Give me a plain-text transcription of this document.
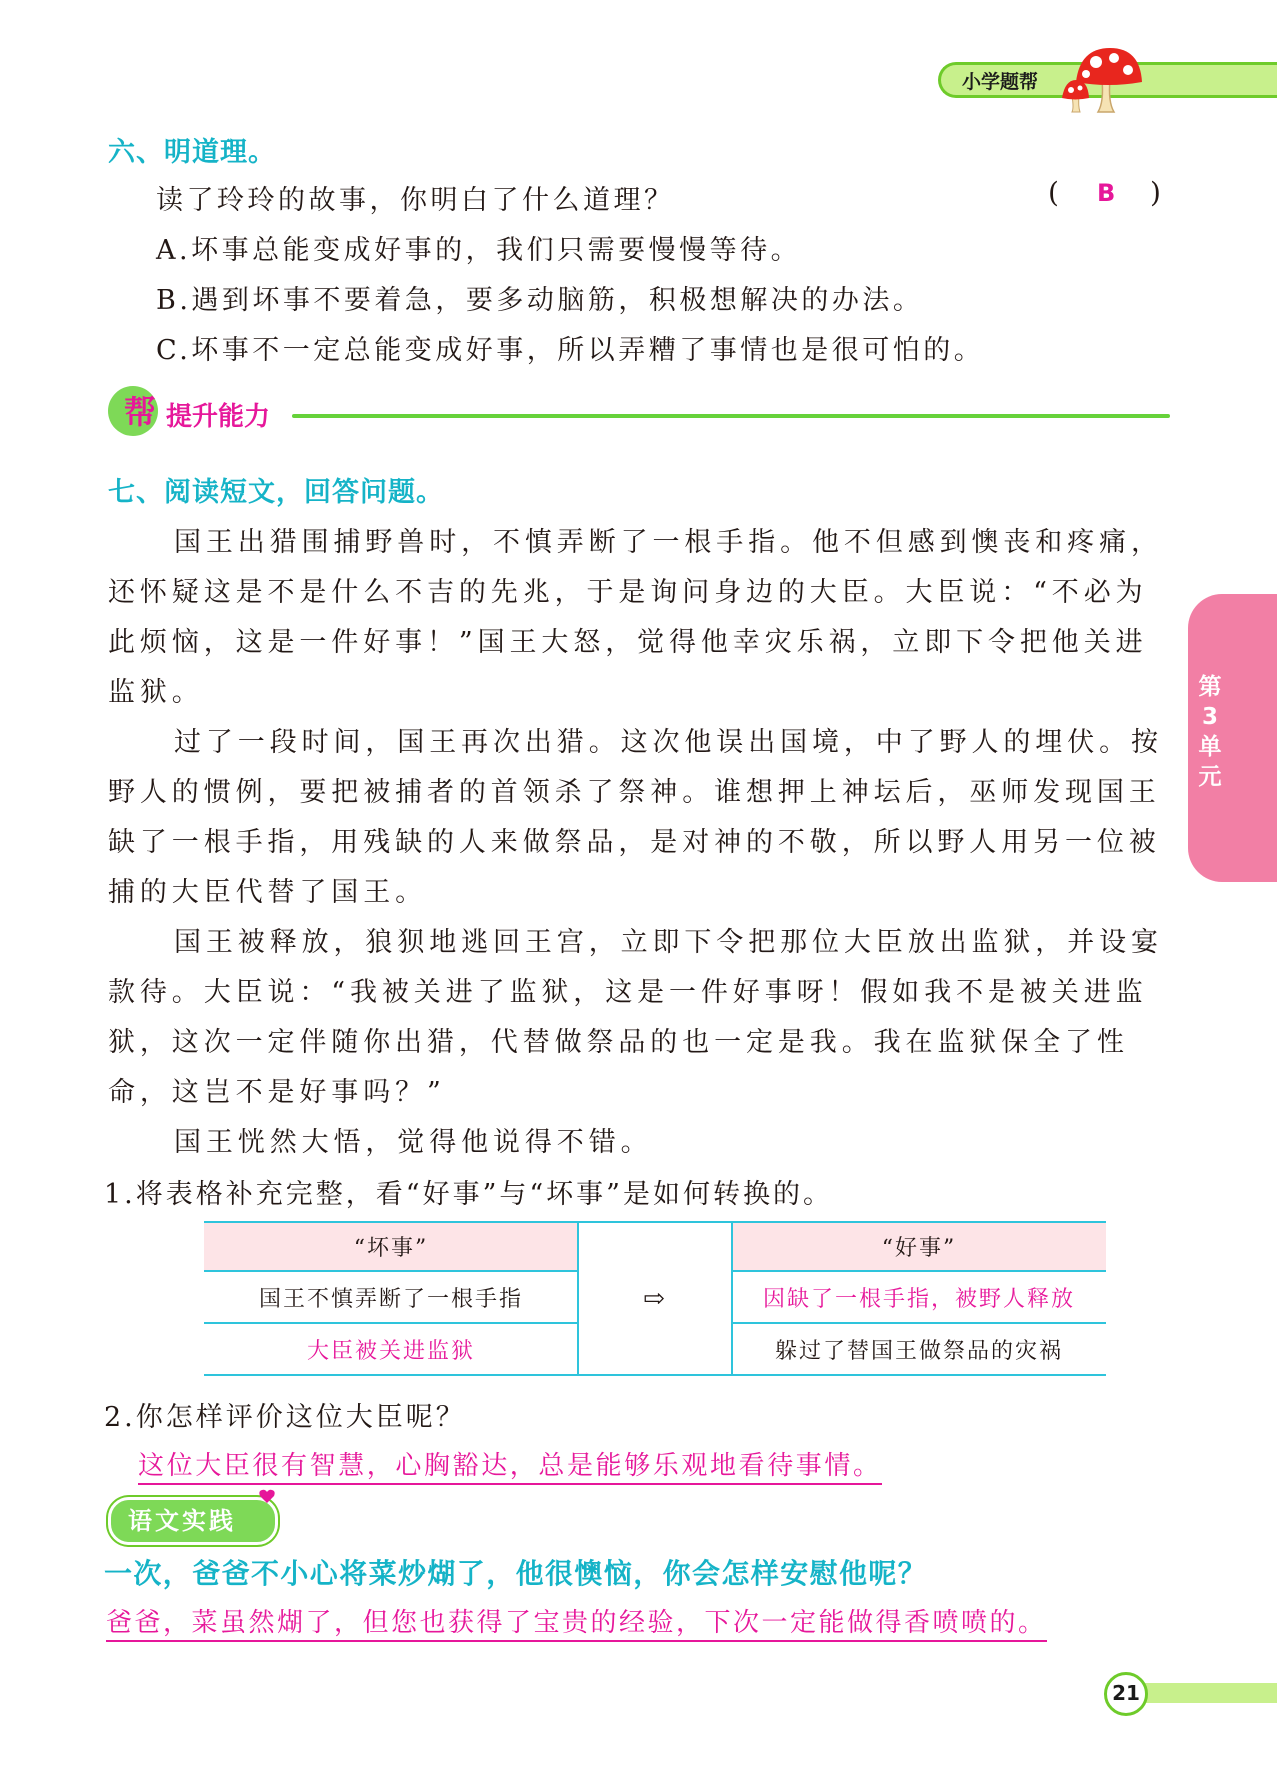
小学题帮
第3单元
六、明道理。
读了玲玲的故事，你明白了什么道理？	( B )
A.坏事总能变成好事的，我们只需要慢慢等待。
B.遇到坏事不要着急，要多动脑筋，积极想解决的办法。
C.坏事不一定总能变成好事，所以弄糟了事情也是很可怕的。
帮 提升能力
七、阅读短文，回答问题。
国王出猎围捕野兽时，不慎弄断了一根手指。他不但感到懊丧和疼痛，
还怀疑这是不是什么不吉的先兆，于是询问身边的大臣。大臣说：“不必为
此烦恼，这是一件好事！”国王大怒，觉得他幸灾乐祸，立即下令把他关进
监狱。
过了一段时间，国王再次出猎。这次他误出国境，中了野人的埋伏。按
野人的惯例，要把被捕者的首领杀了祭神。谁想押上神坛后，巫师发现国王
缺了一根手指，用残缺的人来做祭品，是对神的不敬，所以野人用另一位被
捕的大臣代替了国王。
国王被释放，狼狈地逃回王宫，立即下令把那位大臣放出监狱，并设宴
款待。大臣说：“我被关进了监狱，这是一件好事呀！假如我不是被关进监
狱，这次一定伴随你出猎，代替做祭品的也一定是我。我在监狱保全了性
命，这岂不是好事吗？”
国王恍然大悟，觉得他说得不错。
1.将表格补充完整，看“好事”与“坏事”是如何转换的。
“坏事”	“好事”
国王不慎弄断了一根手指	因缺了一根手指，被野人释放
大臣被关进监狱	躲过了替国王做祭品的灾祸
⇨
2.你怎样评价这位大臣呢？
这位大臣很有智慧，心胸豁达，总是能够乐观地看待事情。
语文实践
一次，爸爸不小心将菜炒煳了，他很懊恼，你会怎样安慰他呢？
爸爸，菜虽然煳了，但您也获得了宝贵的经验，下次一定能做得香喷喷的。
21
